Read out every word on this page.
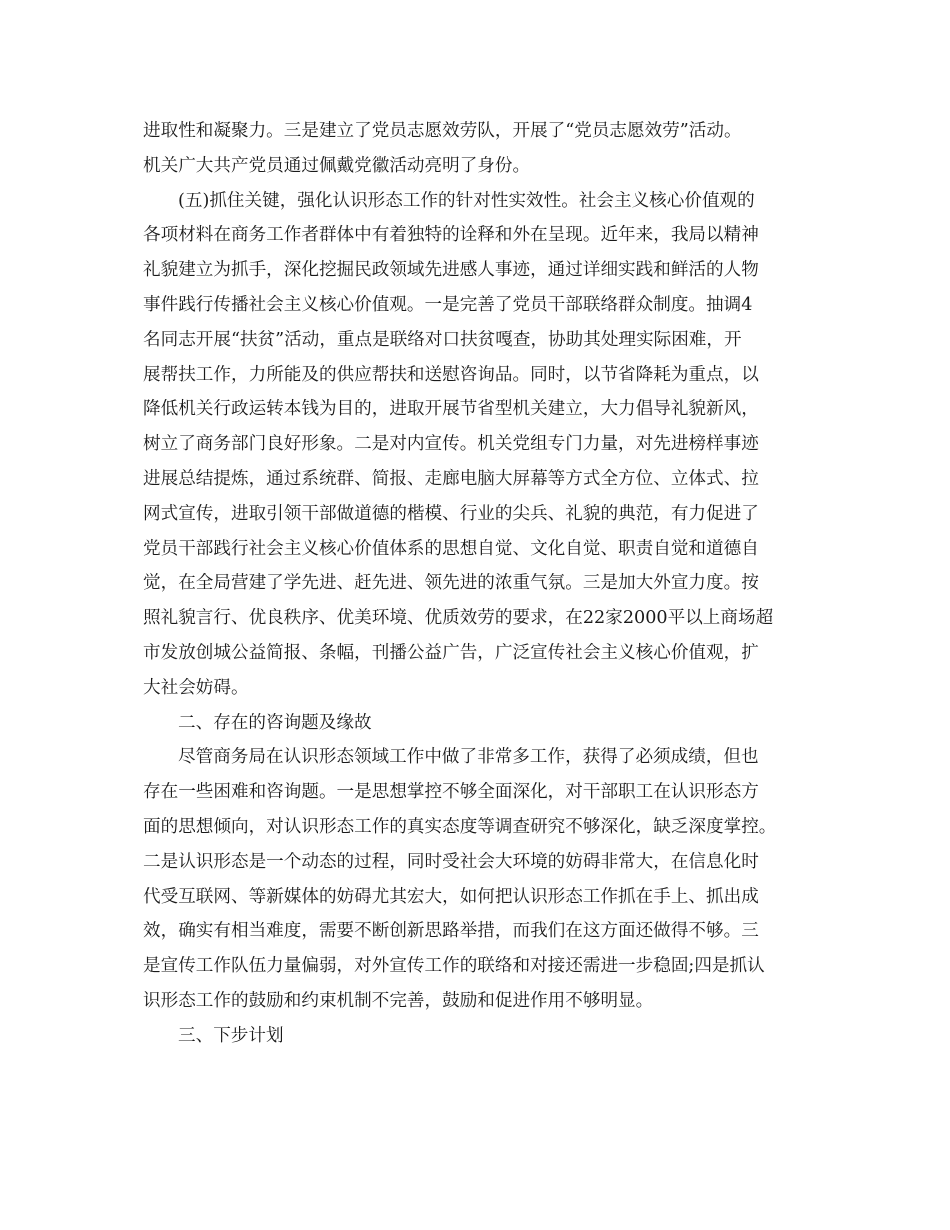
进取性和凝聚力。三是建立了党员志愿效劳队，开展了“党员志愿效劳”活动。
机关广大共产党员通过佩戴党徽活动亮明了身份。
(五)抓住关键，强化认识形态工作的针对性实效性。社会主义核心价值观的
各项材料在商务工作者群体中有着独特的诠释和外在呈现。近年来，我局以精神
礼貌建立为抓手，深化挖掘民政领域先进感人事迹，通过详细实践和鲜活的人物
事件践行传播社会主义核心价值观。一是完善了党员干部联络群众制度。抽调4
名同志开展“扶贫”活动，重点是联络对口扶贫嘎查，协助其处理实际困难，开
展帮扶工作，力所能及的供应帮扶和送慰咨询品。同时，以节省降耗为重点，以
降低机关行政运转本钱为目的，进取开展节省型机关建立，大力倡导礼貌新风，
树立了商务部门良好形象。二是对内宣传。机关党组专门力量，对先进榜样事迹
进展总结提炼，通过系统群、简报、走廊电脑大屏幕等方式全方位、立体式、拉
网式宣传，进取引领干部做道德的楷模、行业的尖兵、礼貌的典范，有力促进了
党员干部践行社会主义核心价值体系的思想自觉、文化自觉、职责自觉和道德自
觉，在全局营建了学先进、赶先进、领先进的浓重气氛。三是加大外宣力度。按
照礼貌言行、优良秩序、优美环境、优质效劳的要求，在22家2000平以上商场超
市发放创城公益简报、条幅，刊播公益广告，广泛宣传社会主义核心价值观，扩
大社会妨碍。
二、存在的咨询题及缘故
尽管商务局在认识形态领域工作中做了非常多工作，获得了必须成绩，但也
存在一些困难和咨询题。一是思想掌控不够全面深化，对干部职工在认识形态方
面的思想倾向，对认识形态工作的真实态度等调查研究不够深化，缺乏深度掌控。
二是认识形态是一个动态的过程，同时受社会大环境的妨碍非常大，在信息化时
代受互联网、等新媒体的妨碍尤其宏大，如何把认识形态工作抓在手上、抓出成
效，确实有相当难度，需要不断创新思路举措，而我们在这方面还做得不够。三
是宣传工作队伍力量偏弱，对外宣传工作的联络和对接还需进一步稳固;四是抓认
识形态工作的鼓励和约束机制不完善，鼓励和促进作用不够明显。
三、下步计划
